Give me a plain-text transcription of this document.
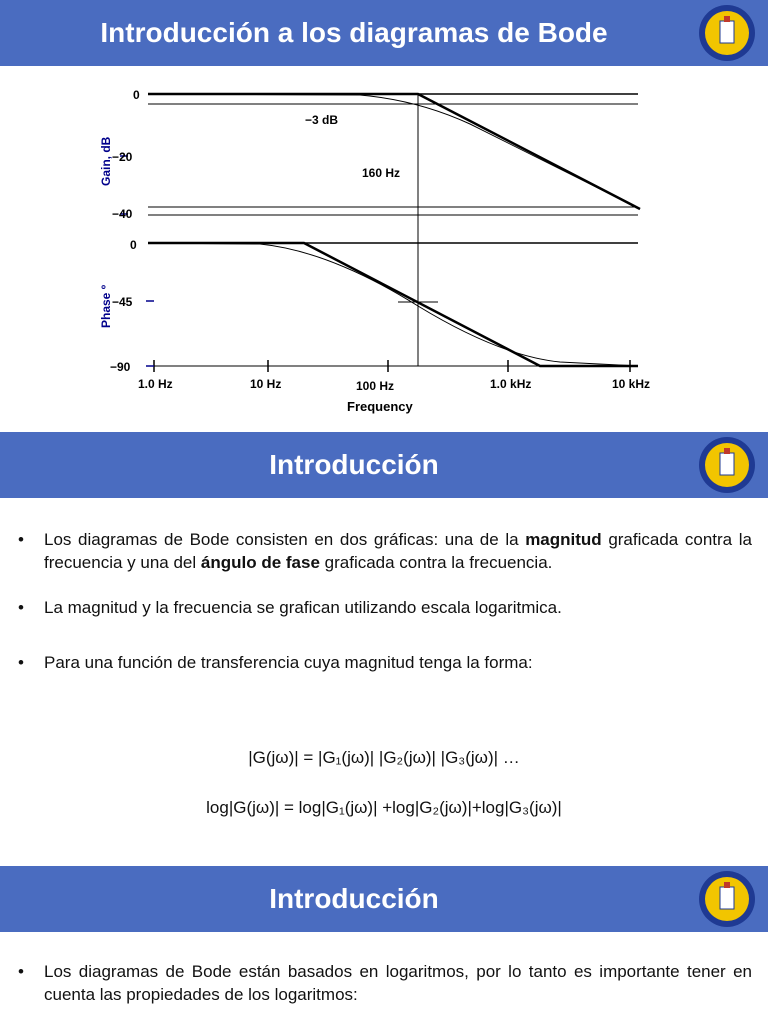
Introducción a los diagramas de Bode
0
−20
−40
0
−45
−90
Gain, dB
Phase º
1.0 Hz	10 Hz	100 Hz	1.0 kHz	10 kHz
Frequency
−3 dB
160 Hz
Introducción
• Los diagramas de Bode consisten en dos gráficas: una de la magnitud graficada contra la frecuencia y una del ángulo de fase graficada contra la frecuencia.
• La magnitud y la frecuencia se grafican utilizando escala logaritmica.
• Para una función de transferencia cuya magnitud tenga la forma:
|G(jω)| = |G₁(jω)| |G₂(jω)| |G₃(jω)| …
log|G(jω)| = log|G₁(jω)| +log|G₂(jω)|+log|G₃(jω)|
Introducción
• Los diagramas de Bode están basados en logaritmos, por lo tanto es importante tener en cuenta las propiedades de los logaritmos:
